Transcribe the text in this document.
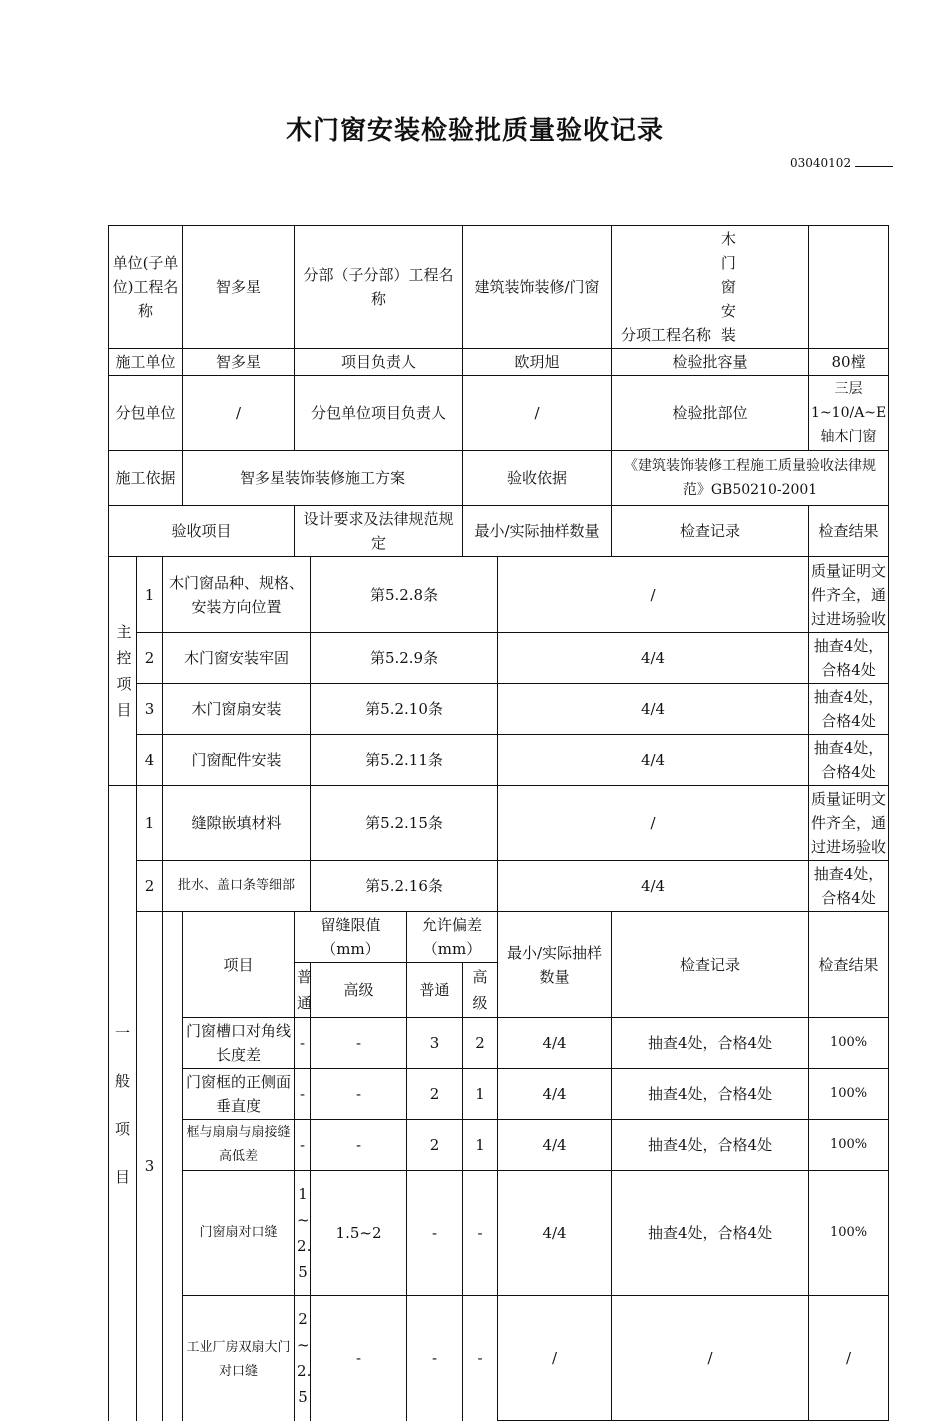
木门窗安装检验批质量验收记录
03040102
单位(子单位)工程名称			智多星	分部（子分部）工程名称			建筑装饰装修/门窗		分项工程名称 木门窗安装		
施工单位			智多星	项目负责人			欧玥旭		检验批容量	80樘	
分包单位			/	分包单位项目负责人			/		检验批部位	三层1~10/A~E轴木门窗	
施工依据			智多星装饰装修施工方案				验收依据		《建筑装饰装修工程施工质量验收法律规范》GB50210-2001		
验收项目				设计要求及法律规范规定			最小/实际抽样数量		检查记录	检查结果	
主控项目	1	木门窗品种、规格、安装方向位置			第5.2.8条			/		质量证明文件齐全，通过进场验收	
	2	木门窗安装牢固			第5.2.9条			4/4		抽查4处，合格4处	
	3	木门窗扇安装			第5.2.10条			4/4		抽查4处，合格4处	
	4	门窗配件安装			第5.2.11条			4/4		抽查4处，合格4处	

一
般
项
目	1	缝隙嵌填材料			第5.2.15条			/		质量证明文件齐全，通过进场验收	
	2	批水、盖口条等细部			第5.2.16条			4/4		抽查4处，合格4处	
	3		项目	留缝限值（mm）		允许偏差（mm）		最小/实际抽样数量	检查记录	检查结果	
				普通	高级	普通	高级				
			门窗槽口对角线长度差	-	-	3	2	4/4	抽查4处，合格4处	100%	
			门窗框的正侧面垂直度	-	-	2	1	4/4	抽查4处，合格4处	100%	
			框与扇扇与扇接缝高低差	-	-	2	1	4/4	抽查4处，合格4处	100%	
			门窗扇对口缝	1~2.5	1.5~2	-	-	4/4	抽查4处，合格4处	100%	
			工业厂房双扇大门对口缝	2~2.5	-	-	-	/	/	/	
